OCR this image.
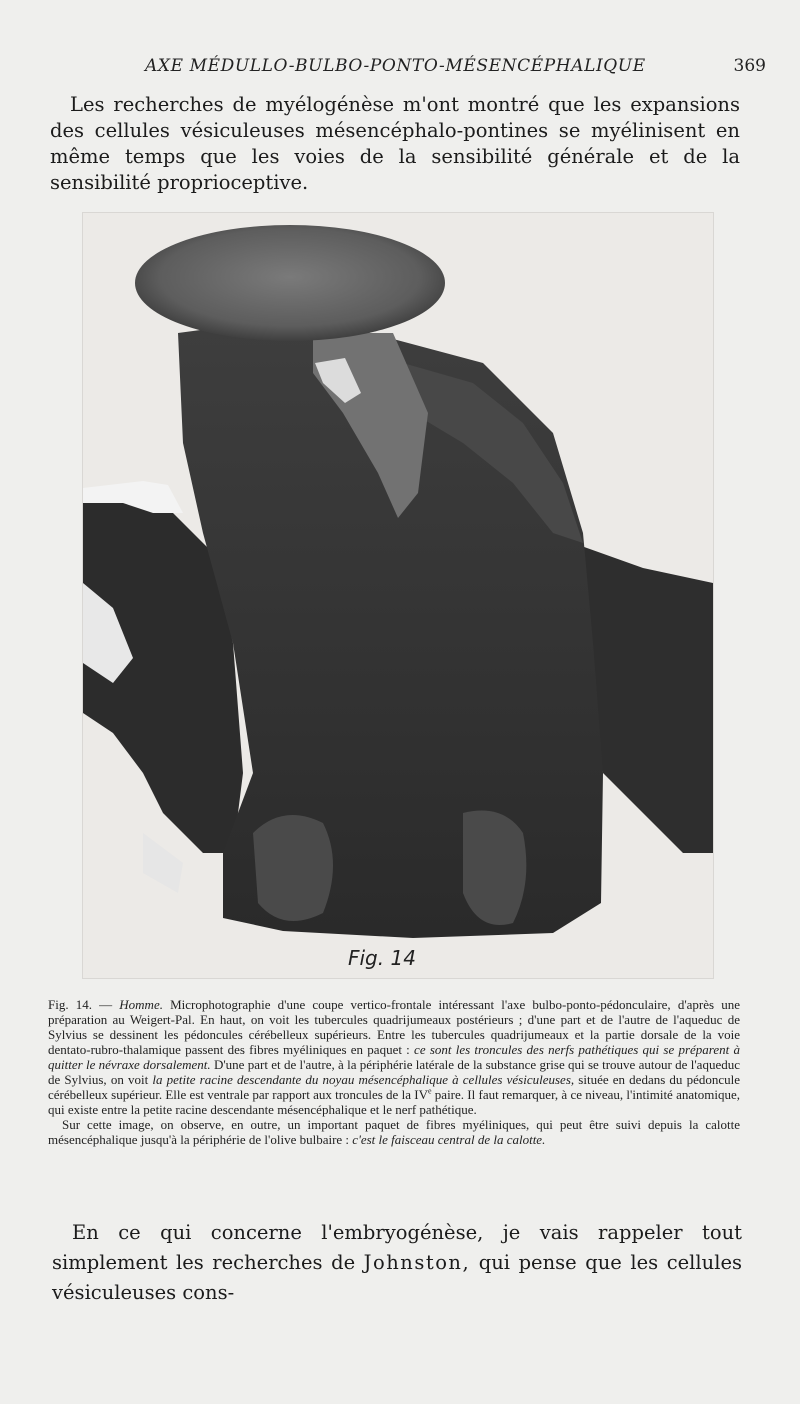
AXE MÉDULLO-BULBO-PONTO-MÉSENCÉPHALIQUE	369

Les recherches de myélogénèse m'ont montré que les expansions des cellules vésiculeuses mésencéphalo-pontines se myélinisent en même temps que les voies de la sensibilité générale et de la sensibilité proprioceptive.

Fig. 14

Fig. 14. — Homme. Microphotographie d'une coupe vertico-frontale intéressant l'axe bulbo-ponto-pédonculaire, d'après une préparation au Weigert-Pal. En haut, on voit les tubercules quadrijumeaux postérieurs ; d'une part et de l'autre de l'aqueduc de Sylvius se dessinent les pédoncules cérébelleux supérieurs. Entre les tubercules quadrijumeaux et la partie dorsale de la voie dentato-rubro-thalamique passent des fibres myéliniques en paquet : ce sont les troncules des nerfs pathétiques qui se préparent à quitter le névraxe dorsalement. D'une part et de l'autre, à la périphérie latérale de la substance grise qui se trouve autour de l'aqueduc de Sylvius, on voit la petite racine descendante du noyau mésencéphalique à cellules vésiculeuses, située en dedans du pédoncule cérébelleux supérieur. Elle est ventrale par rapport aux troncules de la IVe paire. Il faut remarquer, à ce niveau, l'intimité anatomique, qui existe entre la petite racine descendante mésencéphalique et le nerf pathétique.

Sur cette image, on observe, en outre, un important paquet de fibres myéliniques, qui peut être suivi depuis la calotte mésencéphalique jusqu'à la périphérie de l'olive bulbaire : c'est le faisceau central de la calotte.

En ce qui concerne l'embryogénèse, je vais rappeler tout simplement les recherches de Johnston, qui pense que les cellules vésiculeuses cons-
